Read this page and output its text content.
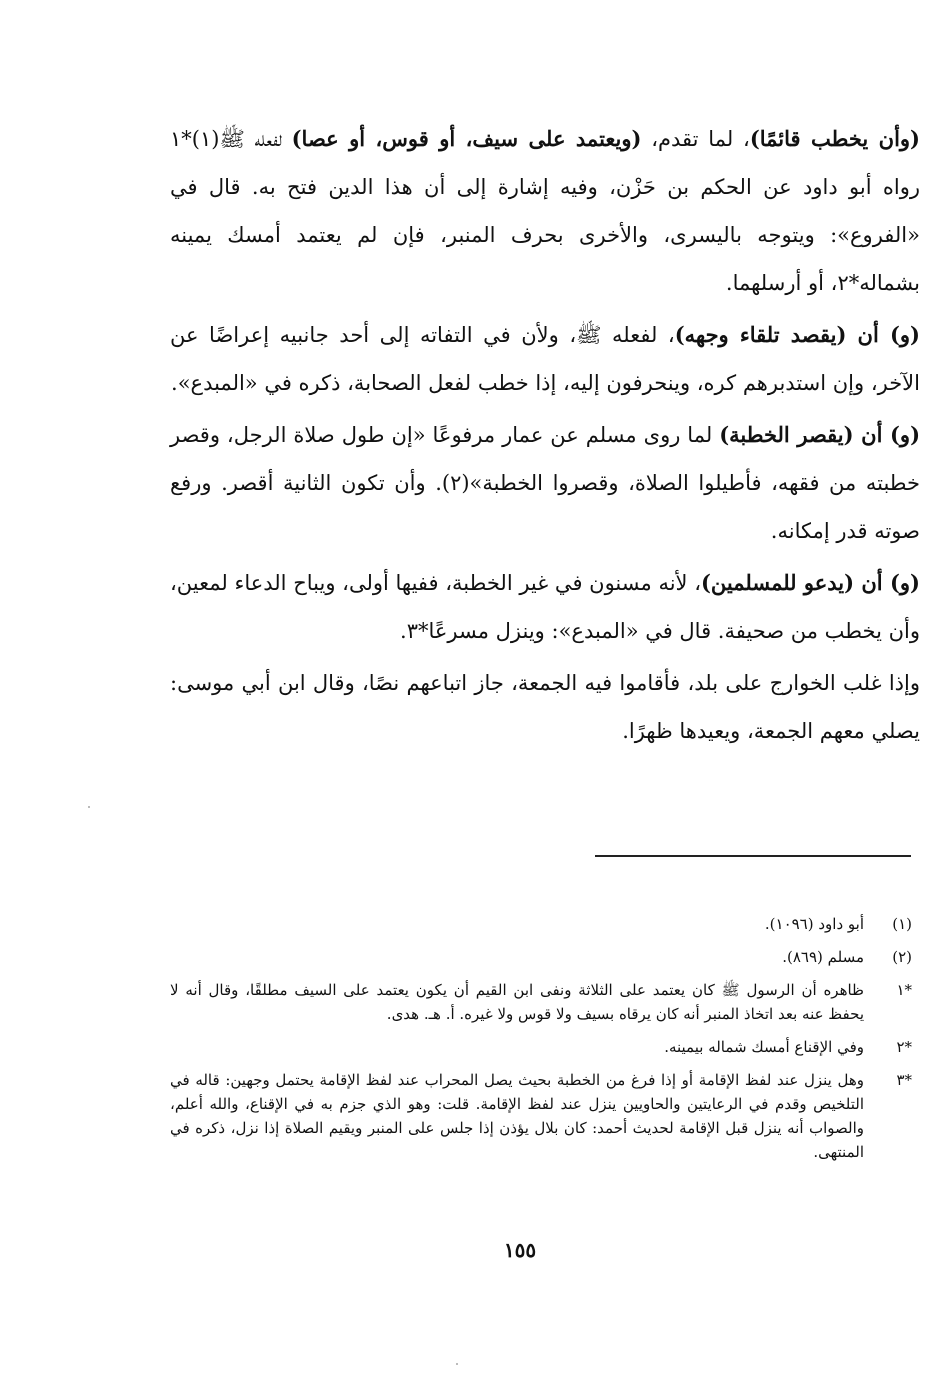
(وأن يخطب قائمًا)، لما تقدم، (ويعتمد على سيف، أو قوس، أو عصا) لفعله ﷺ(١)*١ رواه أبو داود عن الحكم بن حَزْن، وفيه إشارة إلى أن هذا الدين فتح به. قال في «الفروع»: ويتوجه باليسرى، والأخرى بحرف المنبر، فإن لم يعتمد أمسك يمينه بشماله*٢، أو أرسلهما.

(و) أن (يقصد تلقاء وجهه)، لفعله ﷺ، ولأن في التفاته إلى أحد جانبيه إعراضًا عن الآخر، وإن استدبرهم كره، وينحرفون إليه، إذا خطب لفعل الصحابة، ذكره في «المبدع».

(و) أن (يقصر الخطبة) لما روى مسلم عن عمار مرفوعًا «إن طول صلاة الرجل، وقصر خطبته من فقهه، فأطيلوا الصلاة، وقصروا الخطبة»(٢). وأن تكون الثانية أقصر. ورفع صوته قدر إمكانه.

(و) أن (يدعو للمسلمين)، لأنه مسنون في غير الخطبة، ففيها أولى، ويباح الدعاء لمعين، وأن يخطب من صحيفة. قال في «المبدع»: وينزل مسرعًا*٣.

وإذا غلب الخوارج على بلد، فأقاموا فيه الجمعة، جاز اتباعهم نصًا، وقال ابن أبي موسى: يصلي معهم الجمعة، ويعيدها ظهرًا.

(١)
أبو داود (١٠٩٦).
(٢)
مسلم (٨٦٩).
*١
ظاهره أن الرسول ﷺ كان يعتمد على الثلاثة ونفى ابن القيم أن يكون يعتمد على السيف مطلقًا، وقال أنه لا يحفظ عنه بعد اتخاذ المنبر أنه كان يرقاه بسيف ولا قوس ولا غيره. أ. هـ. هدى.
*٢
وفي الإقناع أمسك شماله بيمينه.
*٣
وهل ينزل عند لفظ الإقامة أو إذا فرغ من الخطبة بحيث يصل المحراب عند لفظ الإقامة يحتمل وجهين: قاله في التلخيص وقدم في الرعايتين والحاويين ينزل عند لفظ الإقامة. قلت: وهو الذي جزم به في الإقناع، والله أعلم، والصواب أنه ينزل قبل الإقامة لحديث أحمد: كان بلال يؤذن إذا جلس على المنبر ويقيم الصلاة إذا نزل، ذكره في المنتهى.
١٥٥
